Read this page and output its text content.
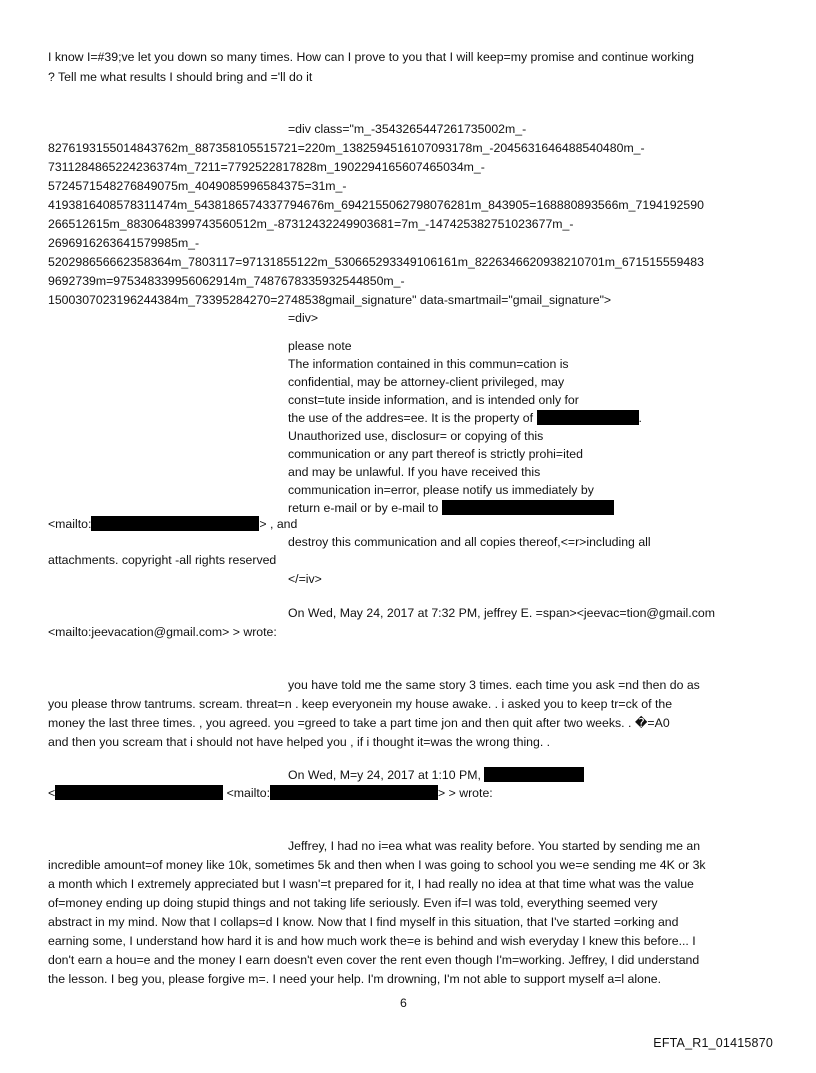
I know I=#39;ve let you down so many times. How can I prove to you that I will keep=my promise and continue working
? Tell me what results I should bring and ='ll do it
=div class="m_-3543265447261735002m_-
8276193155014843762m_887358105515721=220m_1382594516107093178m_-2045631646488540480m_-
7311284865224236374m_7211=7792522817828m_1902294165607465034m_-
5724571548276849075m_4049085996584375=31m_-
4193816408578311474m_5438186574337794676m_6942155062798076281m_843905=168880893566m_7194192590
266512615m_8830648399743560512m_-87312432249903681=7m_-147425382751023677m_-
2696916263641579985m_-
520298656662358364m_7803117=97131855122m_530665293349106161m_8226346620938210701m_671515559483
9692739m=975348339956062914m_7487678335932544850m_-
1500307023196244384m_73395284270=2748538gmail_signature" data-smartmail="gmail_signature">
=div>
please note
The information contained in this commun=cation is
confidential, may be attorney-client privileged, may
const=tute inside information, and is intended only for
the use of the addres=ee. It is the property of	.
Unauthorized use, disclosur= or copying of this
communication or any part thereof is strictly prohi=ited
and may be unlawful. If you have received this
communication in=error, please notify us immediately by
return e-mail or by e-mail to
<mailto:	> , and
destroy this communication and all copies thereof,<=r>including all
attachments. copyright -all rights reserved
</=iv>
On Wed, May 24, 2017 at 7:32 PM, jeffrey E. =span><jeevac=tion@gmail.com
<mailto:jeevacation@gmail.com> > wrote:
you have told me the same story 3 times. each time you ask =nd then do as
you please throw tantrums. scream. threat=n . keep everyonein my house awake. . i asked you to keep tr=ck of the
money the last three times. , you agreed. you =greed to take a part time jon and then quit after two weeks. . �=A0
and then you scream that i should not have helped you , if i thought it=was the wrong thing. .
On Wed, M=y 24, 2017 at 1:10 PM,
<	<mailto:	> > wrote:
Jeffrey, I had no i=ea what was reality before. You started by sending me an
incredible amount=of money like 10k, sometimes 5k and then when I was going to school you we=e sending me 4K or 3k
a month which I extremely appreciated but I wasn'=t prepared for it, I had really no idea at that time what was the value
of=money ending up doing stupid things and not taking life seriously. Even if=I was told, everything seemed very
abstract in my mind. Now that I collaps=d I know. Now that I find myself in this situation, that I've started =orking and
earning some, I understand how hard it is and how much work the=e is behind and wish everyday I knew this before... I
don't earn a hou=e and the money I earn doesn't even cover the rent even though I'm=working. Jeffrey, I did understand
the lesson. I beg you, please forgive m=. I need your help. I'm drowning, I'm not able to support myself a=l alone.
6
EFTA_R1_01415870
